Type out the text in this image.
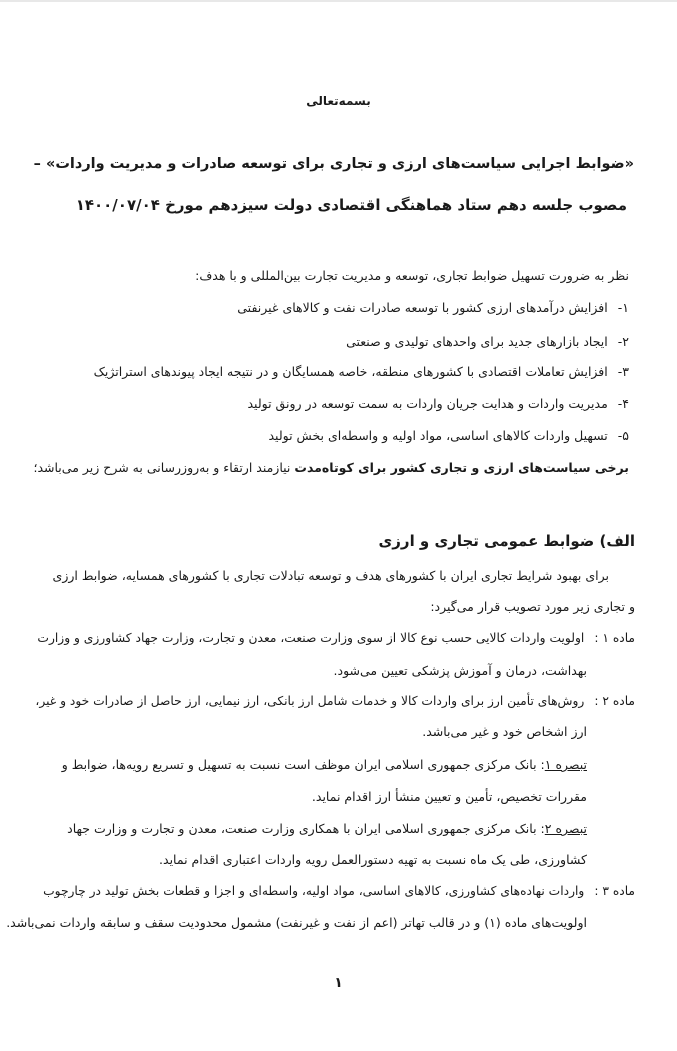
بسمه‌تعالی
«ضوابط اجرایی سیاست‌های ارزی و تجاری برای توسعه صادرات و مدیریت واردات» –
مصوب جلسه دهم ستاد هماهنگی اقتصادی دولت سیزدهم مورخ ۱۴۰۰/۰۷/۰۴
نظر به ضرورت تسهیل ضوابط تجاری، توسعه و مدیریت تجارت بین‌المللی و با هدف:
۱-افزایش درآمدهای ارزی کشور با توسعه صادرات نفت و کالاهای غیرنفتی
۲-ایجاد بازارهای جدید برای واحدهای تولیدی و صنعتی
۳-افزایش تعاملات اقتصادی با کشورهای منطقه، خاصه همسایگان و در نتیجه ایجاد پیوندهای استراتژیک
۴-مدیریت واردات و هدایت جریان واردات به سمت توسعه در رونق تولید
۵-تسهیل واردات کالاهای اساسی، مواد اولیه و واسطه‌ای بخش تولید
برخی سیاست‌های ارزی و تجاری کشور برای کوتاه‌مدت نیازمند ارتقاء و به‌روزرسانی به شرح زیر می‌باشد؛
الف) ضوابط عمومی تجاری و ارزی
برای بهبود شرایط تجاری ایران با کشورهای هدف و توسعه تبادلات تجاری با کشورهای همسایه، ضوابط ارزی
و تجاری زیر مورد تصویب قرار می‌گیرد:
ماده ۱ :اولویت واردات کالایی حسب نوع کالا از سوی وزارت صنعت، معدن و تجارت، وزارت جهاد کشاورزی و وزارت
بهداشت، درمان و آموزش پزشکی تعیین می‌شود.
ماده ۲ :روش‌های تأمین ارز برای واردات کالا و خدمات شامل ارز بانکی، ارز نیمایی، ارز حاصل از صادرات خود و غیر،
ارز اشخاص خود و غیر می‌باشد.
تبصره ۱: بانک مرکزی جمهوری اسلامی ایران موظف است نسبت به تسهیل و تسریع رویه‌ها، ضوابط و
مقررات تخصیص، تأمین و تعیین منشأ ارز اقدام نماید.
تبصره ۲: بانک مرکزی جمهوری اسلامی ایران با همکاری وزارت صنعت، معدن و تجارت و وزارت جهاد
کشاورزی، طی یک ماه نسبت به تهیه دستورالعمل رویه واردات اعتباری اقدام نماید.
ماده ۳ :واردات نهاده‌های کشاورزی، کالاهای اساسی، مواد اولیه، واسطه‌ای و اجزا و قطعات بخش تولید در چارچوب
اولویت‌های ماده (۱) و در قالب تهاتر (اعم از نفت و غیرنفت) مشمول محدودیت سقف و سابقه واردات نمی‌باشد.
۱
